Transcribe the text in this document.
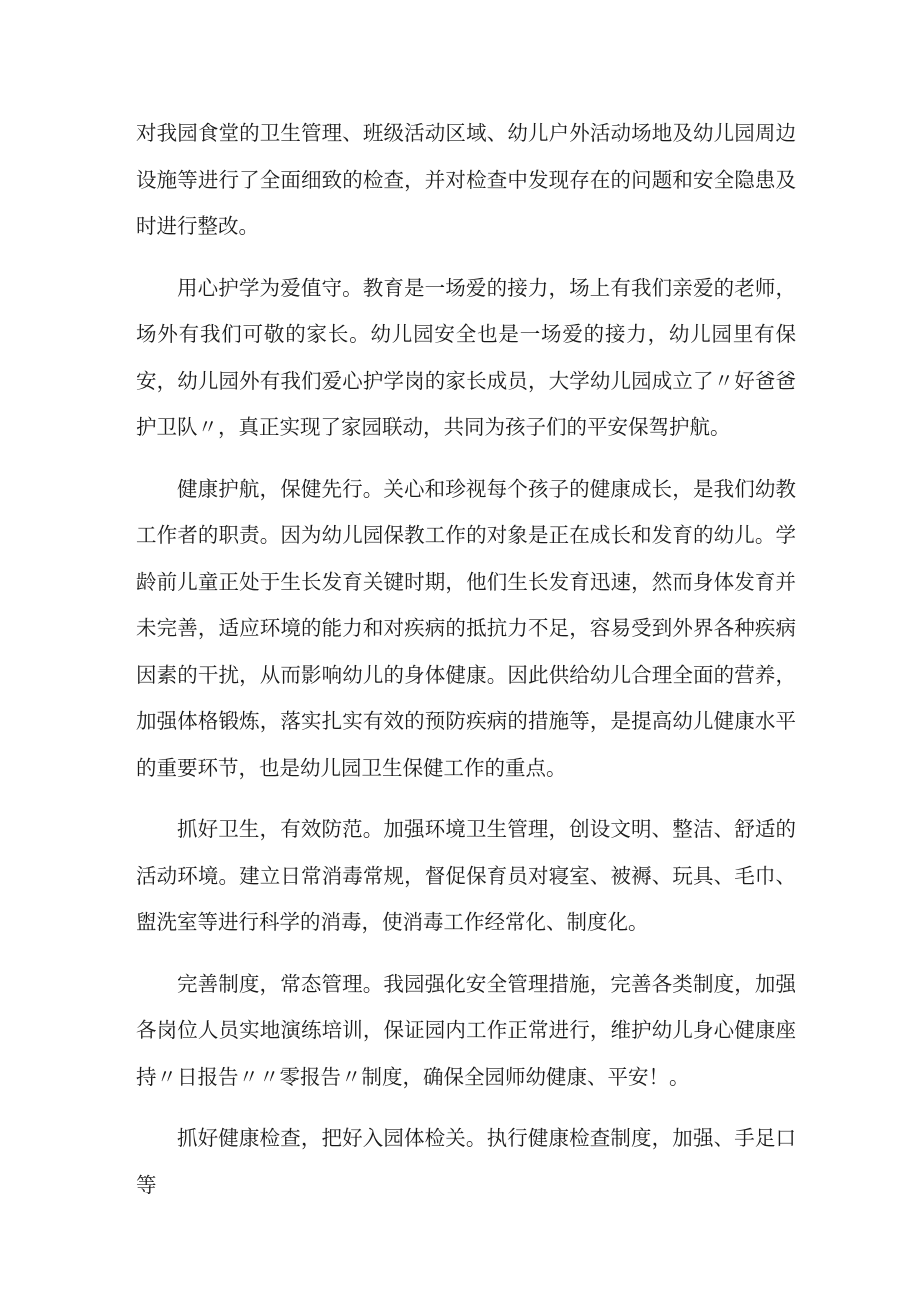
对我园食堂的卫生管理、班级活动区域、幼儿户外活动场地及幼儿园周边设施等进行了全面细致的检查，并对检查中发现存在的问题和安全隐患及时进行整改。

用心护学为爱值守。教育是一场爱的接力，场上有我们亲爱的老师，场外有我们可敬的家长。幼儿园安全也是一场爱的接力，幼儿园里有保安，幼儿园外有我们爱心护学岗的家长成员，大学幼儿园成立了〃好爸爸护卫队〃，真正实现了家园联动，共同为孩子们的平安保驾护航。

健康护航，保健先行。关心和珍视每个孩子的健康成长，是我们幼教工作者的职责。因为幼儿园保教工作的对象是正在成长和发育的幼儿。学龄前儿童正处于生长发育关键时期，他们生长发育迅速，然而身体发育并未完善，适应环境的能力和对疾病的抵抗力不足，容易受到外界各种疾病因素的干扰，从而影响幼儿的身体健康。因此供给幼儿合理全面的营养，加强体格锻炼，落实扎实有效的预防疾病的措施等，是提高幼儿健康水平的重要环节，也是幼儿园卫生保健工作的重点。

抓好卫生，有效防范。加强环境卫生管理，创设文明、整洁、舒适的活动环境。建立日常消毒常规，督促保育员对寝室、被褥、玩具、毛巾、盥洗室等进行科学的消毒，使消毒工作经常化、制度化。

完善制度，常态管理。我园强化安全管理措施，完善各类制度，加强各岗位人员实地演练培训，保证园内工作正常进行，维护幼儿身心健康座持〃日报告〃〃零报告〃制度，确保全园师幼健康、平安！。

抓好健康检查，把好入园体检关。执行健康检查制度，加强、手足口等
